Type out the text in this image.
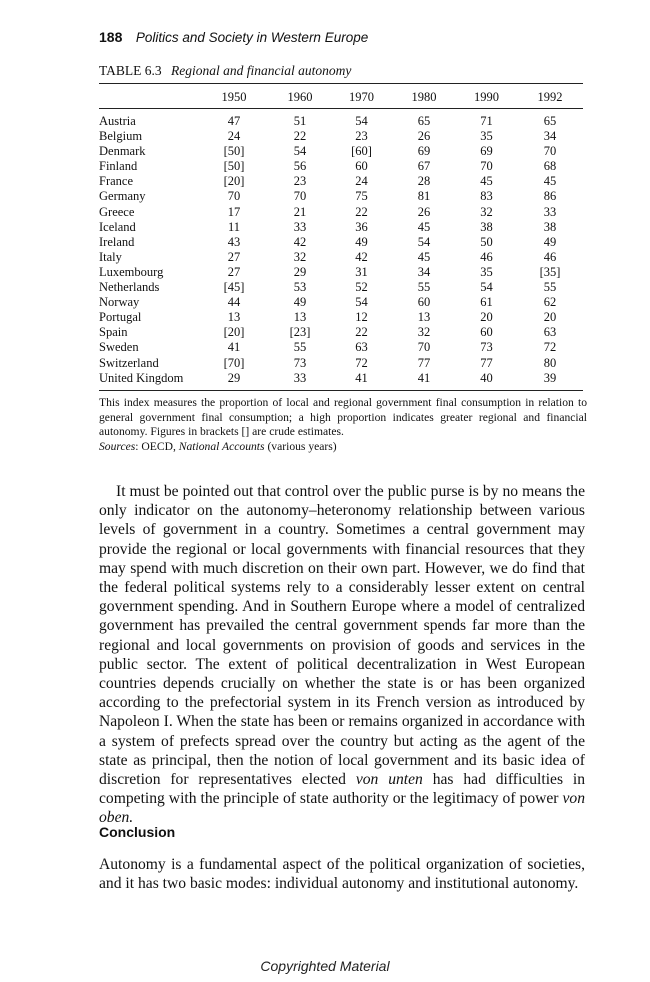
188 Politics and Society in Western Europe
TABLE 6.3 Regional and financial autonomy
	1950	1960	1970	1980	1990	1992

Austria	47	51	54	65	71	65
Belgium	24	22	23	26	35	34
Denmark	[50]	54	[60]	69	69	70
Finland	[50]	56	60	67	70	68
France	[20]	23	24	28	45	45
Germany	70	70	75	81	83	86
Greece	17	21	22	26	32	33
Iceland	11	33	36	45	38	38
Ireland	43	42	49	54	50	49
Italy	27	32	42	45	46	46
Luxembourg	27	29	31	34	35	[35]
Netherlands	[45]	53	52	55	54	55
Norway	44	49	54	60	61	62
Portugal	13	13	12	13	20	20
Spain	[20]	[23]	22	32	60	63
Sweden	41	55	63	70	73	72
Switzerland	[70]	73	72	77	77	80
United Kingdom	29	33	41	41	40	39
This index measures the proportion of local and regional government final consumption in relation to general government final consumption; a high proportion indicates greater regional and financial autonomy. Figures in brackets [] are crude estimates.
Sources: OECD, National Accounts (various years)

It must be pointed out that control over the public purse is by no means the only indicator on the autonomy–heteronomy relationship between various levels of government in a country. Sometimes a central government may provide the regional or local governments with financial resources that they may spend with much discretion on their own part. However, we do find that the federal political systems rely to a considerably lesser extent on central government spending. And in Southern Europe where a model of centralized government has prevailed the central government spends far more than the regional and local governments on provision of goods and services in the public sector. The extent of political decentralization in West European countries depends crucially on whether the state is or has been organized according to the prefectorial system in its French version as introduced by Napoleon I. When the state has been or remains organized in accordance with a system of prefects spread over the country but acting as the agent of the state as principal, then the notion of local government and its basic idea of discretion for representatives elected von unten has had difficulties in competing with the principle of state authority or the legitimacy of power von oben.

Conclusion

Autonomy is a fundamental aspect of the political organization of societies, and it has two basic modes: individual autonomy and institutional autonomy.

Copyrighted Material
